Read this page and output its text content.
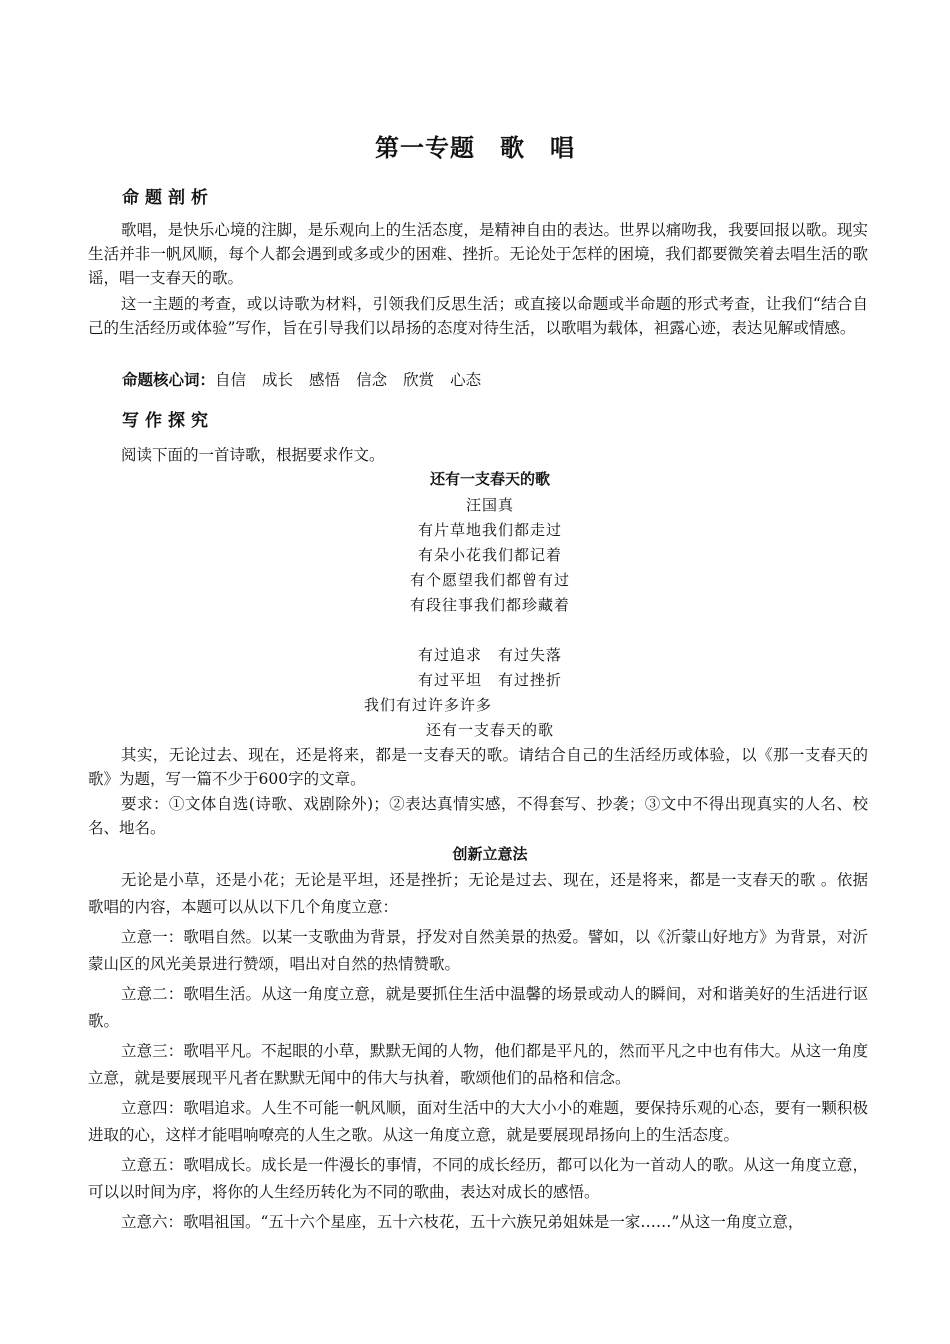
第一专题　歌　唱
命题剖析
歌唱，是快乐心境的注脚，是乐观向上的生活态度，是精神自由的表达。世界以痛吻我，我要回报以歌。现实生活并非一帆风顺，每个人都会遇到或多或少的困难、挫折。无论处于怎样的困境，我们都要微笑着去唱生活的歌谣，唱一支春天的歌。
这一主题的考查，或以诗歌为材料，引领我们反思生活；或直接以命题或半命题的形式考查，让我们“结合自己的生活经历或体验”写作，旨在引导我们以昂扬的态度对待生活，以歌唱为载体，袒露心迹，表达见解或情感。
命题核心词：自信 成长 感悟 信念 欣赏 心态
写作探究
阅读下面的一首诗歌，根据要求作文。
还有一支春天的歌
汪国真
有片草地我们都走过
有朵小花我们都记着
有个愿望我们都曾有过
有段往事我们都珍藏着
有过追求　有过失落
有过平坦　有过挫折
我们有过许多许多
还有一支春天的歌
其实，无论过去、现在，还是将来，都是一支春天的歌。请结合自己的生活经历或体验，以《那一支春天的歌》为题，写一篇不少于600字的文章。
要求：①文体自选(诗歌、戏剧除外)；②表达真情实感，不得套写、抄袭；③文中不得出现真实的人名、校名、地名。
创新立意法
无论是小草，还是小花；无论是平坦，还是挫折；无论是过去、现在，还是将来，都是一支春天的歌 。依据歌唱的内容，本题可以从以下几个角度立意：
立意一：歌唱自然。以某一支歌曲为背景，抒发对自然美景的热爱。譬如，以《沂蒙山好地方》为背景，对沂蒙山区的风光美景进行赞颂，唱出对自然的热情赞歌。
立意二：歌唱生活。从这一角度立意，就是要抓住生活中温馨的场景或动人的瞬间，对和谐美好的生活进行讴歌。
立意三：歌唱平凡。不起眼的小草，默默无闻的人物，他们都是平凡的，然而平凡之中也有伟大。从这一角度立意，就是要展现平凡者在默默无闻中的伟大与执着，歌颂他们的品格和信念。
立意四：歌唱追求。人生不可能一帆风顺，面对生活中的大大小小的难题，要保持乐观的心态，要有一颗积极进取的心，这样才能唱响嘹亮的人生之歌。从这一角度立意，就是要展现昂扬向上的生活态度。
立意五：歌唱成长。成长是一件漫长的事情，不同的成长经历，都可以化为一首动人的歌。从这一角度立意，可以以时间为序，将你的人生经历转化为不同的歌曲，表达对成长的感悟。
立意六：歌唱祖国。“五十六个星座，五十六枝花，五十六族兄弟姐妹是一家……”从这一角度立意，
